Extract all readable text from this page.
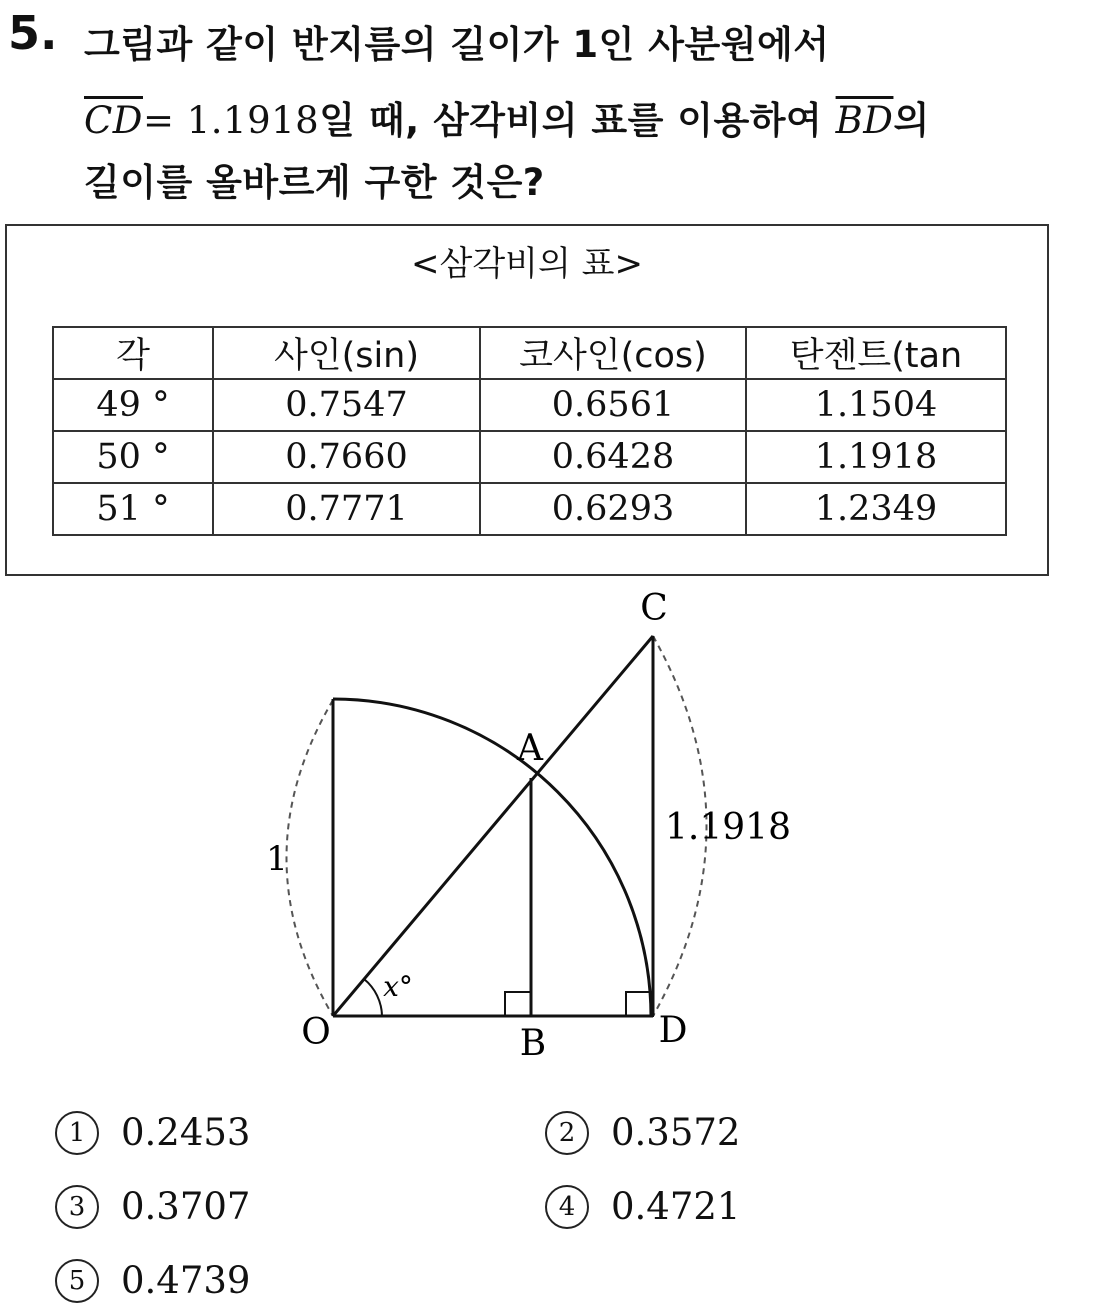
5. 그림과 같이 반지름의 길이가 1인 사분원에서
$\overline{CD}= 1.1918$일 때, 삼각비의 표를 이용하여 $\overline{BD}$의
길이를 올바르게 구한 것은?
<삼각비의 표>
각	사인(sin)	코사인(cos)	탄젠트(tan
49 °	0.7547	0.6561	1.1504
50 °	0.7660	0.6428	1.1918
51 °	0.7771	0.6293	1.2349
C
A
O	B	D
x°
1
1.1918
1 0.2453	2 0.3572
3 0.3707	4 0.4721
5 0.4739
